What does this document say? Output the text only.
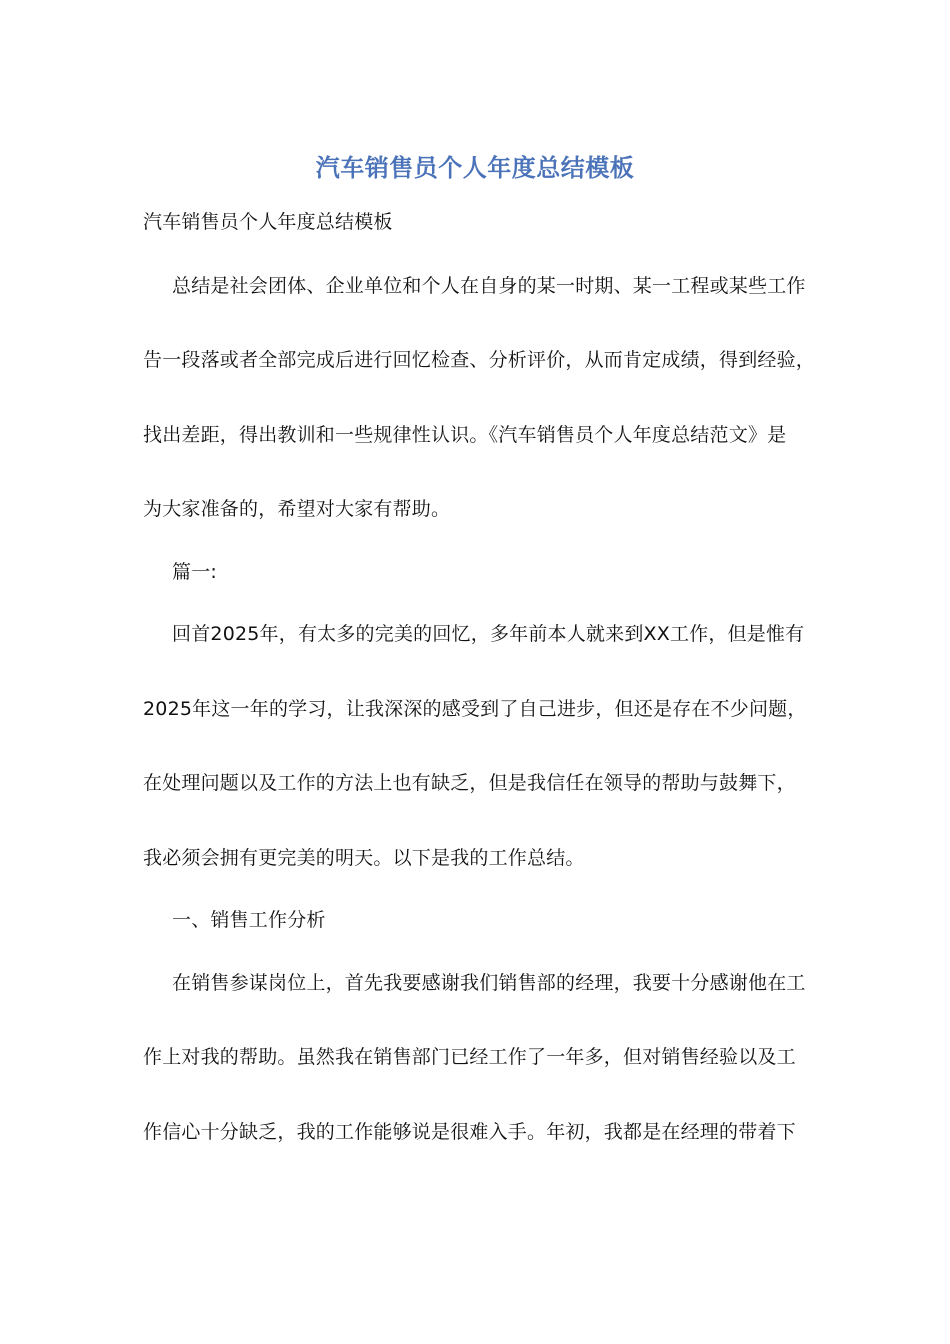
汽车销售员个人年度总结模板
汽车销售员个人年度总结模板
总结是社会团体、企业单位和个人在自身的某一时期、某一工程或某些工作
告一段落或者全部完成后进行回忆检查、分析评价，从而肯定成绩，得到经验，
找出差距，得出教训和一些规律性认识。《汽车销售员个人年度总结范文》是
为大家准备的，希望对大家有帮助。
篇一:
回首2025年，有太多的完美的回忆，多年前本人就来到XX工作，但是惟有
2025年这一年的学习，让我深深的感受到了自己进步，但还是存在不少问题，
在处理问题以及工作的方法上也有缺乏，但是我信任在领导的帮助与鼓舞下，
我必须会拥有更完美的明天。以下是我的工作总结。
一、销售工作分析
在销售参谋岗位上，首先我要感谢我们销售部的经理，我要十分感谢他在工
作上对我的帮助。虽然我在销售部门已经工作了一年多，但对销售经验以及工
作信心十分缺乏，我的工作能够说是很难入手。年初，我都是在经理的带着下
